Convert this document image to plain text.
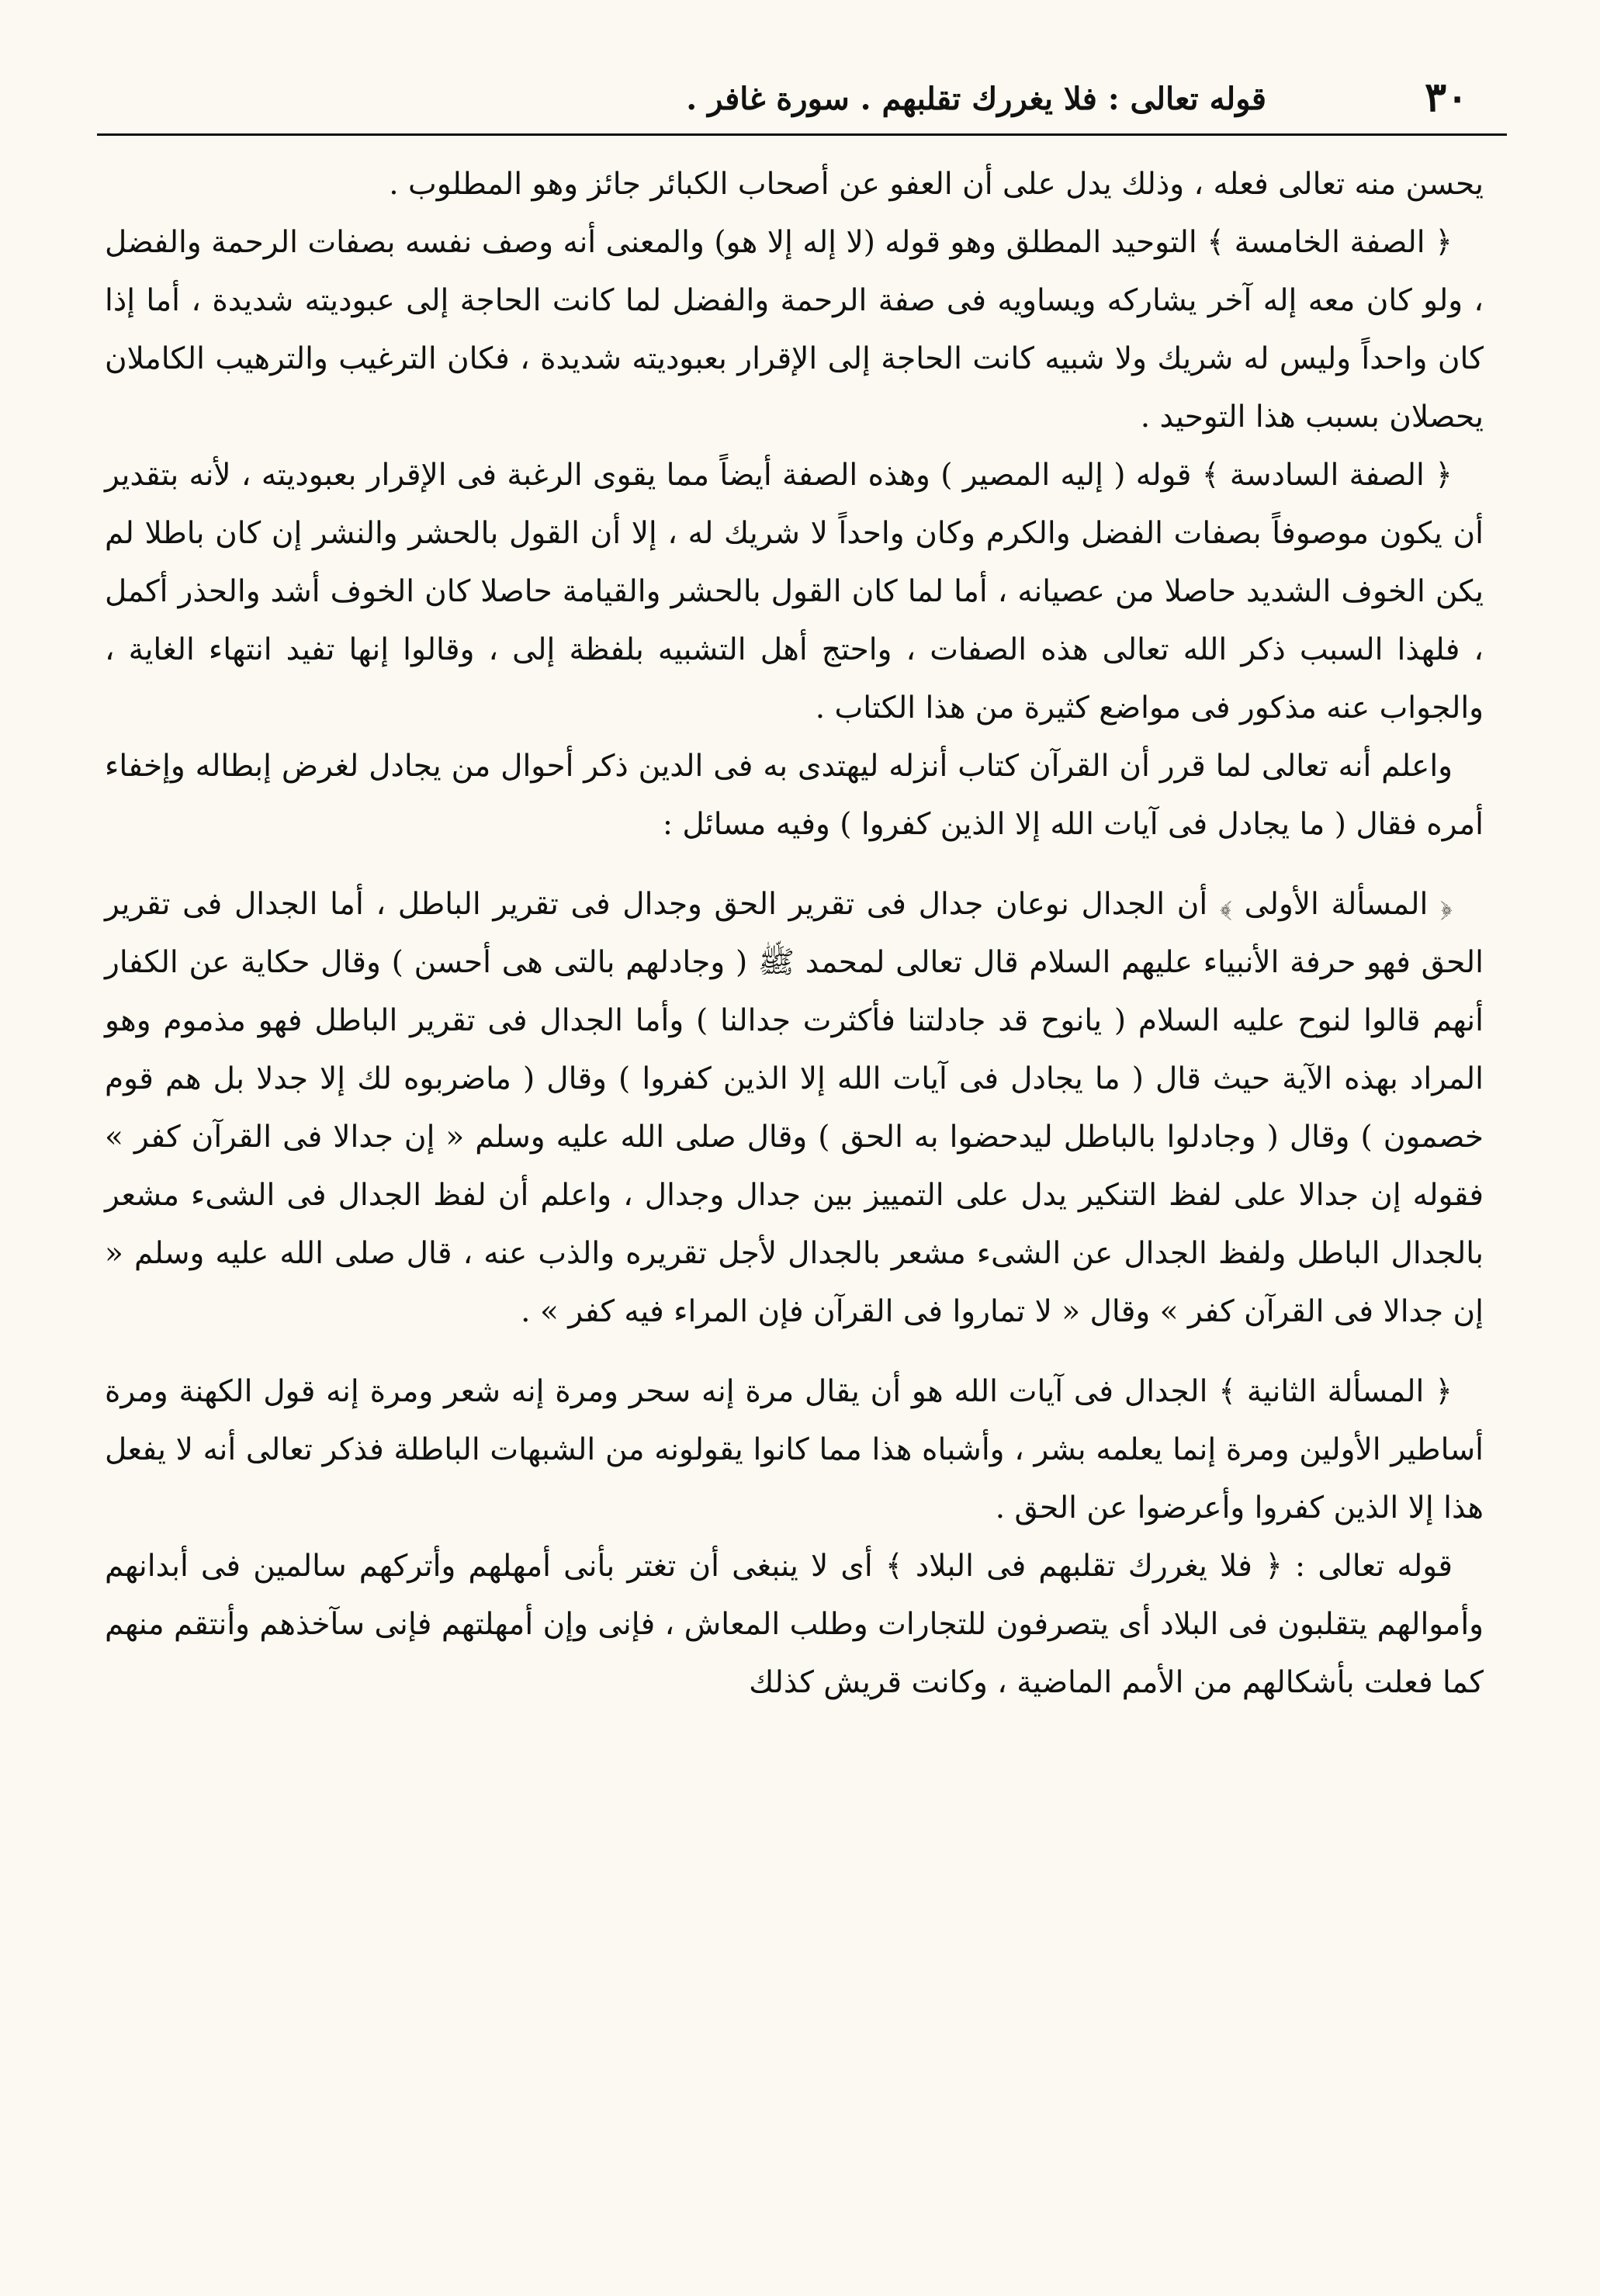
٣٠
قوله تعالى : فلا يغررك تقلبهم . سورة غافر .

يحسن منه تعالى فعله ، وذلك يدل على أن العفو عن أصحاب الكبائر جائز وهو المطلوب .

﴿ الصفة الخامسة ﴾ التوحيد المطلق وهو قوله (لا إله إلا هو) والمعنى أنه وصف نفسه بصفات الرحمة والفضل ، ولو كان معه إله آخر يشاركه ويساويه فى صفة الرحمة والفضل لما كانت الحاجة إلى عبوديته شديدة ، أما إذا كان واحداً وليس له شريك ولا شبيه كانت الحاجة إلى الإقرار بعبوديته شديدة ، فكان الترغيب والترهيب الكاملان يحصلان بسبب هذا التوحيد .

﴿ الصفة السادسة ﴾ قوله ( إليه المصير ) وهذه الصفة أيضاً مما يقوى الرغبة فى الإقرار بعبوديته ، لأنه بتقدير أن يكون موصوفاً بصفات الفضل والكرم وكان واحداً لا شريك له ، إلا أن القول بالحشر والنشر إن كان باطلا لم يكن الخوف الشديد حاصلا من عصيانه ، أما لما كان القول بالحشر والقيامة حاصلا كان الخوف أشد والحذر أكمل ، فلهذا السبب ذكر الله تعالى هذه الصفات ، واحتج أهل التشبيه بلفظة إلى ، وقالوا إنها تفيد انتهاء الغاية ، والجواب عنه مذكور فى مواضع كثيرة من هذا الكتاب .

واعلم أنه تعالى لما قرر أن القرآن كتاب أنزله ليهتدى به فى الدين ذكر أحوال من يجادل لغرض إبطاله وإخفاء أمره فقال ( ما يجادل فى آيات الله إلا الذين كفروا ) وفيه مسائل :

﴿ المسألة الأولى ﴾ أن الجدال نوعان جدال فى تقرير الحق وجدال فى تقرير الباطل ، أما الجدال فى تقرير الحق فهو حرفة الأنبياء عليهم السلام قال تعالى لمحمد ﷺ ( وجادلهم بالتى هى أحسن ) وقال حكاية عن الكفار أنهم قالوا لنوح عليه السلام ( يانوح قد جادلتنا فأكثرت جدالنا ) وأما الجدال فى تقرير الباطل فهو مذموم وهو المراد بهذه الآية حيث قال ( ما يجادل فى آيات الله إلا الذين كفروا ) وقال ( ماضربوه لك إلا جدلا بل هم قوم خصمون ) وقال ( وجادلوا بالباطل ليدحضوا به الحق ) وقال صلى الله عليه وسلم « إن جدالا فى القرآن كفر » فقوله إن جدالا على لفظ التنكير يدل على التمييز بين جدال وجدال ، واعلم أن لفظ الجدال فى الشىء مشعر بالجدال الباطل ولفظ الجدال عن الشىء مشعر بالجدال لأجل تقريره والذب عنه ، قال صلى الله عليه وسلم « إن جدالا فى القرآن كفر » وقال « لا تماروا فى القرآن فإن المراء فيه كفر » .

﴿ المسألة الثانية ﴾ الجدال فى آيات الله هو أن يقال مرة إنه سحر ومرة إنه شعر ومرة إنه قول الكهنة ومرة أساطير الأولين ومرة إنما يعلمه بشر ، وأشباه هذا مما كانوا يقولونه من الشبهات الباطلة فذكر تعالى أنه لا يفعل هذا إلا الذين كفروا وأعرضوا عن الحق .

قوله تعالى : ﴿ فلا يغررك تقلبهم فى البلاد ﴾ أى لا ينبغى أن تغتر بأنى أمهلهم وأتركهم سالمين فى أبدانهم وأموالهم يتقلبون فى البلاد أى يتصرفون للتجارات وطلب المعاش ، فإنى وإن أمهلتهم فإنى سآخذهم وأنتقم منهم كما فعلت بأشكالهم من الأمم الماضية ، وكانت قريش كذلك
